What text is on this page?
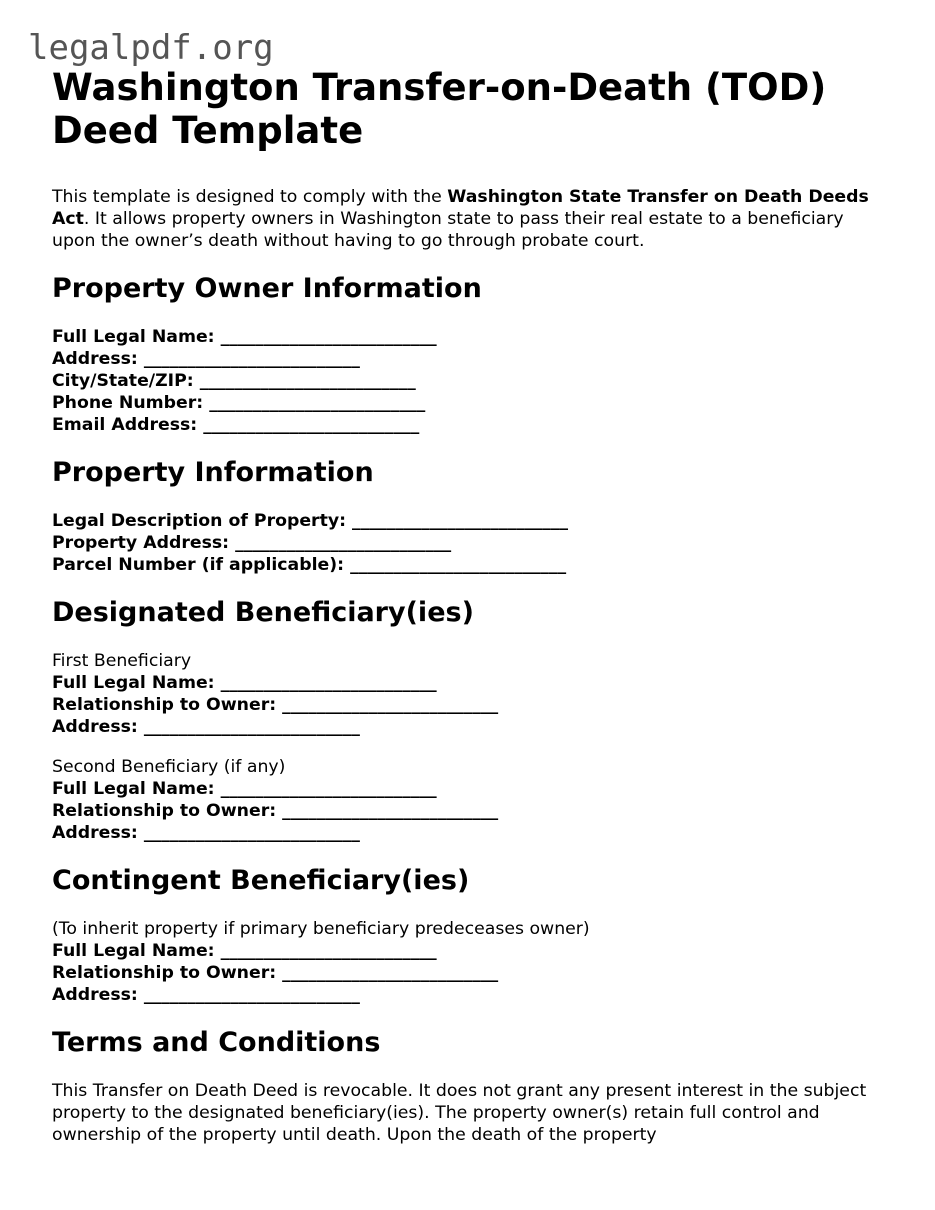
legalpdf.org
Washington Transfer-on-Death (TOD) Deed Template

This template is designed to comply with the Washington State Transfer on Death Deeds Act. It allows property owners in Washington state to pass their real estate to a beneficiary upon the owner’s death without having to go through probate court.

Property Owner Information
Full Legal Name: _________________________
Address: _________________________
City/State/ZIP: _________________________
Phone Number: _________________________
Email Address: _________________________
Property Information
Legal Description of Property: _________________________
Property Address: _________________________
Parcel Number (if applicable): _________________________
Designated Beneficiary(ies)
First Beneficiary
Full Legal Name: _________________________
Relationship to Owner: _________________________
Address: _________________________
Second Beneficiary (if any)
Full Legal Name: _________________________
Relationship to Owner: _________________________
Address: _________________________
Contingent Beneficiary(ies)
(To inherit property if primary beneficiary predeceases owner)
Full Legal Name: _________________________
Relationship to Owner: _________________________
Address: _________________________
Terms and Conditions

This Transfer on Death Deed is revocable. It does not grant any present interest in the subject property to the designated beneficiary(ies). The property owner(s) retain full control and ownership of the property until death. Upon the death of the property
